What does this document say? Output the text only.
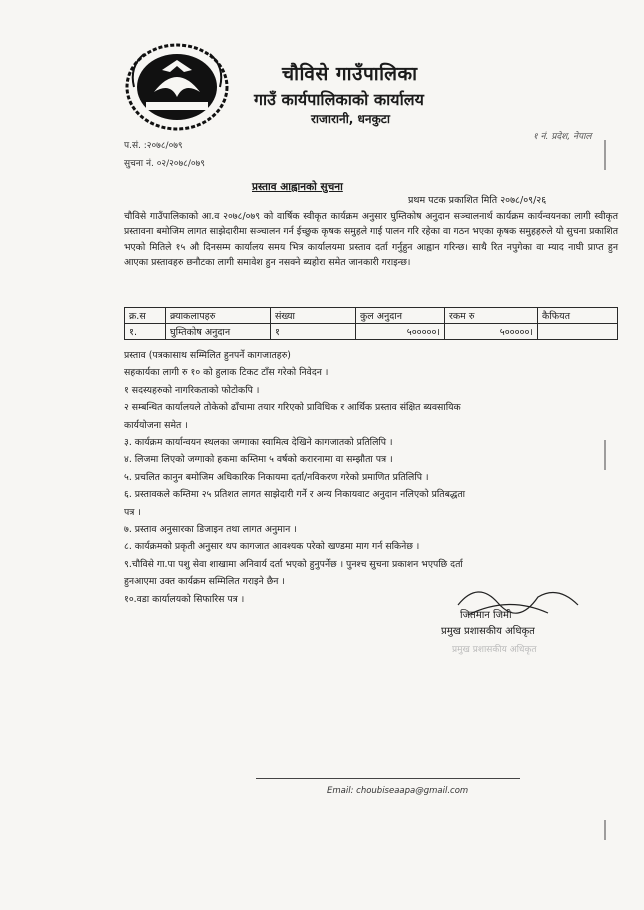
चौविसे गाउँपालिका
गाउँ कार्यपालिकाको कार्यालय
राजारानी, धनकुटा
प.सं. :२०७८/०७९
सुचना नं. ०२/२०७८/०७९
१ नं. प्रदेश, नेपाल
प्रस्ताव आह्वानको सुचना
प्रथम पटक प्रकाशित मिति २०७८/०९/२६
चौविसे गाउँपालिकाको आ.व २०७८/०७९ को वार्षिक स्वीकृत कार्यक्रम अनुसार घुम्तिकोष अनुदान सञ्चालनार्थ कार्यक्रम कार्यन्वयनका लागी स्वीकृत प्रस्तावना बमोजिम लागत साझेदारीमा सञ्चालन गर्न ईच्छुक कृषक समुहले गाई पालन गरि रहेका वा गठन भएका कृषक समुहहरुले यो सुचना प्रकाशित भएको मितिले १५ औ दिनसम्म कार्यालय समय भित्र कार्यालयमा प्रस्ताव दर्ता गर्नुहुन आह्वान गरिन्छ। साथै रित नपुगेका वा म्याद नाघी प्राप्त हुन आएका प्रस्तावहरु छनौटका लागी समावेश हुन नसक्ने ब्यहोरा समेत जानकारी गराइन्छ।
क्र.स	क्र्याकलापहरु	संख्या	कुल अनुदान	रकम रु	कैफियत
१.	घुम्तिकोष अनुदान	१	५०००००।	५०००००।	
प्रस्ताव (पत्रकासाथ सम्मिलित हुनपर्ने कागजातहरु)
सहकार्यका लागी रु १० को हुलाक टिकट टाँस गरेको निवेदन ।
१ सदस्यहरुको नागरिकताको फोटोकपि ।
२ सम्बन्धित कार्यालयले तोकेको ढाँचामा तयार गरिएको प्राविधिक र आर्थिक प्रस्ताव संक्षित ब्यवसायिक
कार्ययोजना समेत ।
३. कार्यक्रम कार्यान्वयन स्थलका जग्गाका स्वामित्व देखिने कागजातको प्रतिलिपि ।
४. लिजमा लिएको जग्गाको हकमा कम्तिमा ५ वर्षको करारनामा वा सम्झौता पत्र ।
५. प्रचलित कानुन बमोजिम अधिकारिक निकायमा दर्ता/नविकरण गरेको प्रमाणित प्रतिलिपि ।
६. प्रस्तावकले कम्तिमा २५ प्रतिशत लागत साझेदारी गर्ने र अन्य निकायवाट अनुदान नलिएको प्रतिबद्धता
पत्र ।
७. प्रस्ताव अनुसारका डिजाइन तथा लागत अनुमान ।
८. कार्यक्रमको प्रकृती अनुसार थप कागजात आवश्यक परेको खण्डमा माग गर्न सकिनेछ ।
९.चौविसे गा.पा पशु सेवा शाखामा अनिवार्य दर्ता भएको हुनुपर्नेछ । पुनश्च सुचना प्रकाशन भएपछि दर्ता
हुनआएमा उक्त कार्यक्रम सम्मिलित गराइने छैन ।
१०.वडा कार्यालयको सिफारिस पत्र ।
जितमान जिमी
प्रमुख प्रशासकीय अधिकृत
प्रमुख प्रशासकीय अधिकृत
Email: choubiseaapa@gmail.com
